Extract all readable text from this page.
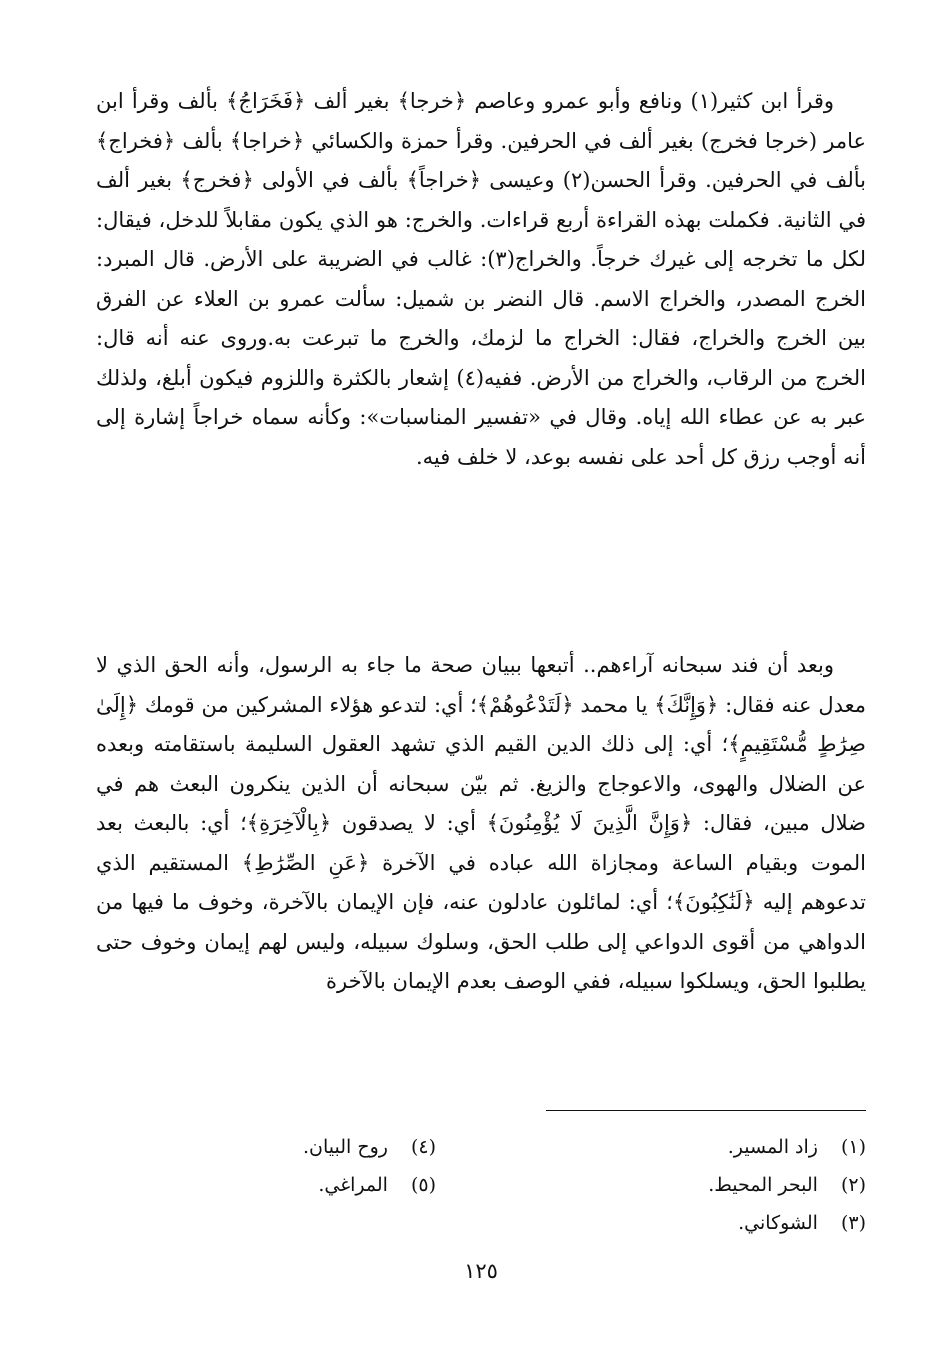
وقرأ ابن كثير(١) ونافع وأبو عمرو وعاصم ﴿خرجا﴾ بغير ألف ﴿فَخَرَاجُ﴾ بألف وقرأ ابن عامر (خرجا فخرج) بغير ألف في الحرفين. وقرأ حمزة والكسائي ﴿خراجا﴾ بألف ﴿فخراج﴾ بألف في الحرفين. وقرأ الحسن(٢) وعيسى ﴿خراجاً﴾ بألف في الأولى ﴿فخرج﴾ بغير ألف في الثانية. فكملت بهذه القراءة أربع قراءات. والخرج: هو الذي يكون مقابلاً للدخل، فيقال: لكل ما تخرجه إلى غيرك خرجاً. والخراج(٣): غالب في الضريبة على الأرض. قال المبرد: الخرج المصدر، والخراج الاسم. قال النضر بن شميل: سألت عمرو بن العلاء عن الفرق بين الخرج والخراج، فقال: الخراج ما لزمك، والخرج ما تبرعت به.وروى عنه أنه قال: الخرج من الرقاب، والخراج من الأرض. ففيه(٤) إشعار بالكثرة واللزوم فيكون أبلغ، ولذلك عبر به عن عطاء الله إياه. وقال في «تفسير المناسبات»: وكأنه سماه خراجاً إشارة إلى أنه أوجب رزق كل أحد على نفسه بوعد، لا خلف فيه.

وبعد أن فند سبحانه آراءهم.. أتبعها ببيان صحة ما جاء به الرسول، وأنه الحق الذي لا معدل عنه فقال: ﴿وَإِنَّكَ﴾ يا محمد ﴿لَتَدْعُوهُمْ﴾؛ أي: لتدعو هؤلاء المشركين من قومك ﴿إِلَىٰ صِرَٰطٍ مُّسْتَقِيمٍ﴾؛ أي: إلى ذلك الدين القيم الذي تشهد العقول السليمة باستقامته وبعده عن الضلال والهوى، والاعوجاج والزيغ. ثم بيّن سبحانه أن الذين ينكرون البعث هم في ضلال مبين، فقال: ﴿وَإِنَّ الَّذِينَ لَا يُؤْمِنُونَ﴾ أي: لا يصدقون ﴿بِالْآخِرَةِ﴾؛ أي: بالبعث بعد الموت وبقيام الساعة ومجازاة الله عباده في الآخرة ﴿عَنِ الصِّرَٰطِ﴾ المستقيم الذي تدعوهم إليه ﴿لَنَٰكِبُونَ﴾؛ أي: لمائلون عادلون عنه، فإن الإيمان بالآخرة، وخوف ما فيها من الدواهي من أقوى الدواعي إلى طلب الحق، وسلوك سبيله، وليس لهم إيمان وخوف حتى يطلبوا الحق، ويسلكوا سبيله، ففي الوصف بعدم الإيمان بالآخرة

(١) زاد المسير.
(٢) البحر المحيط.
(٣) الشوكاني.
(٤) روح البيان.
(٥) المراغي.
١٢٥
